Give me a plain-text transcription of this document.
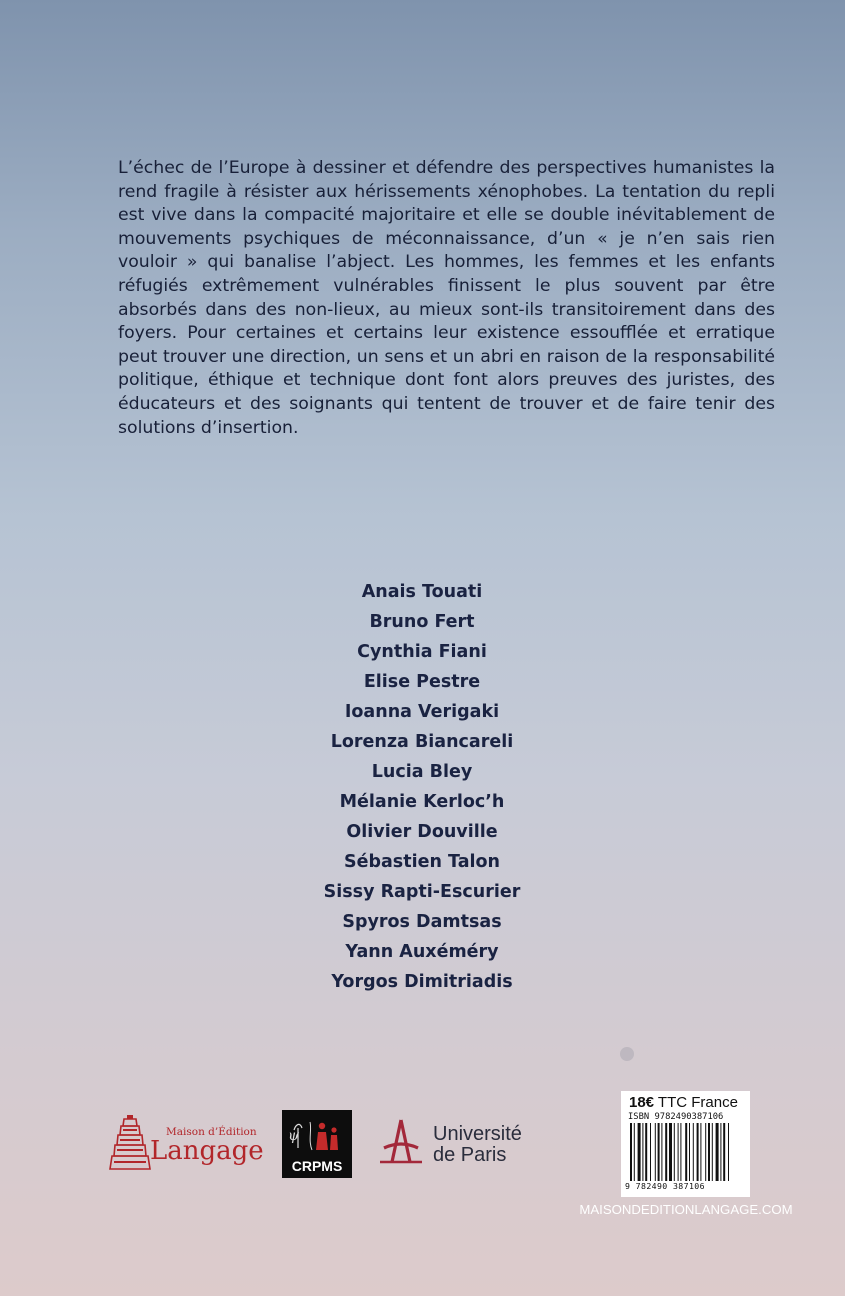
L’échec de l’Europe à dessiner et défendre des perspectives humanistes la rend fragile à résister aux hérissements xénophobes. La tentation du repli est vive dans la compacité majoritaire et elle se double inévitablement de mouvements psychiques de méconnaissance, d’un « je n’en sais rien vouloir » qui banalise l’abject. Les hommes, les femmes et les enfants réfugiés extrêmement vulnérables finissent le plus souvent par être absorbés dans des non-lieux, au mieux sont-ils transitoirement dans des foyers. Pour certaines et certains leur existence essoufflée et erratique peut trouver une direction, un sens et un abri en raison de la responsabilité politique, éthique et technique dont font alors preuves des juristes, des éducateurs et des soignants qui tentent de trouver et de faire tenir des solutions d’insertion.

Anais Touati
Bruno Fert
Cynthia Fiani
Elise Pestre
Ioanna Verigaki
Lorenza Biancareli
Lucia Bley
Mélanie Kerloc’h
Olivier Douville
Sébastien Talon
Sissy Rapti-Escurier
Spyros Damtsas
Yann Auxéméry
Yorgos Dimitriadis
Maison d’Édition
Langage ψ
CRPMS
Université
de Paris
18€ TTC France
ISBN 9782490387106
9 782490 387106
MAISONDEDITIONLANGAGE.COM
